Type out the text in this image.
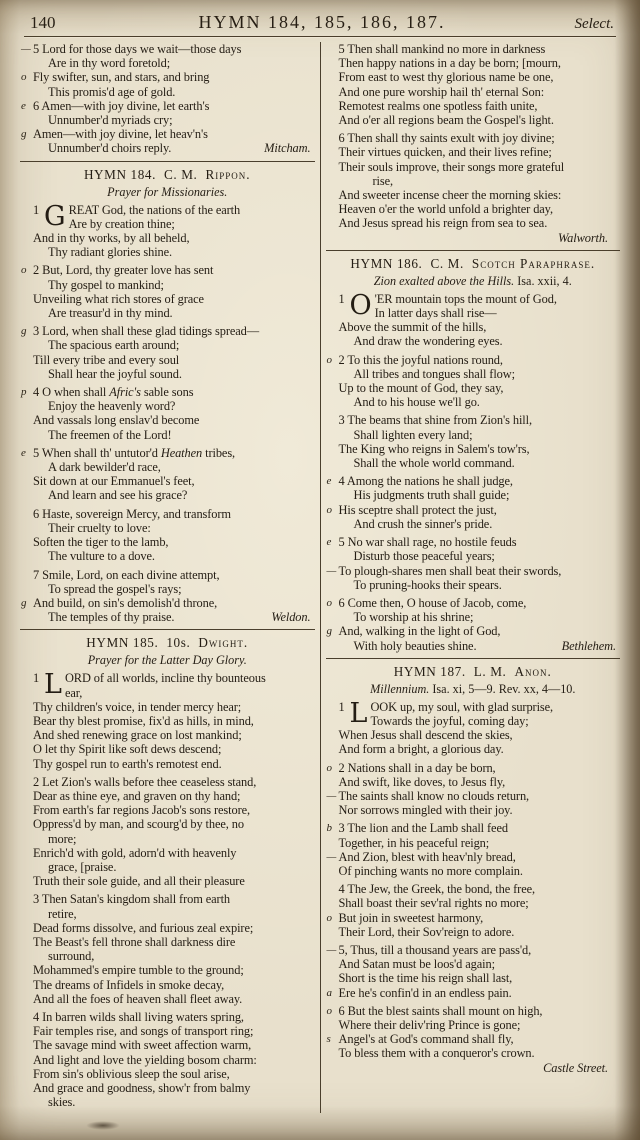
140	HYMN 184, 185, 186, 187.	Select.
— 5 Lord for those days we wait—those days
Are in thy word foretold;
o Fly swifter, sun, and stars, and bring
This promis'd age of gold.
e 6 Amen—with joy divine, let earth's
Unnumber'd myriads cry;
g Amen—with joy divine, let heav'n's
Unnumber'd choirs reply.	Mitcham.
HYMN 184. C. M. Rippon.
Prayer for Missionaries.
1 G REAT God, the nations of the earth
Are by creation thine;
And in thy works, by all beheld,
Thy radiant glories shine.
o 2 But, Lord, thy greater love has sent
Thy gospel to mankind;
Unveiling what rich stores of grace
Are treasur'd in thy mind.
g 3 Lord, when shall these glad tidings spread—
The spacious earth around;
Till every tribe and every soul
Shall hear the joyful sound.
p 4 O when shall Afric's sable sons
Enjoy the heavenly word?
And vassals long enslav'd become
The freemen of the Lord!
e 5 When shall th' untutor'd Heathen tribes,
A dark bewilder'd race,
Sit down at our Emmanuel's feet,
And learn and see his grace?
6 Haste, sovereign Mercy, and transform
Their cruelty to love:
Soften the tiger to the lamb,
The vulture to a dove.
7 Smile, Lord, on each divine attempt,
To spread the gospel's rays;
g And build, on sin's demolish'd throne,
The temples of thy praise.	Weldon.
HYMN 185. 10s. Dwight.
Prayer for the Latter Day Glory.
1 L ORD of all worlds, incline thy bounteous
ear,
Thy children's voice, in tender mercy hear;
Bear thy blest promise, fix'd as hills, in mind,
And shed renewing grace on lost mankind;
O let thy Spirit like soft dews descend;
Thy gospel run to earth's remotest end.
2 Let Zion's walls before thee ceaseless stand,
Dear as thine eye, and graven on thy hand;
From earth's far regions Jacob's sons restore,
Oppress'd by man, and scourg'd by thee, no
more;
Enrich'd with gold, adorn'd with heavenly
grace, [praise.
Truth their sole guide, and all their pleasure
3 Then Satan's kingdom shall from earth
retire,
Dead forms dissolve, and furious zeal expire;
The Beast's fell throne shall darkness dire
surround,
Mohammed's empire tumble to the ground;
The dreams of Infidels in smoke decay,
And all the foes of heaven shall fleet away.
4 In barren wilds shall living waters spring,
Fair temples rise, and songs of transport ring;
The savage mind with sweet affection warm,
And light and love the yielding bosom charm:
From sin's oblivious sleep the soul arise,
And grace and goodness, show'r from balmy
skies.
5 Then shall mankind no more in darkness
Then happy nations in a day be born; [mourn,
From east to west thy glorious name be one,
And one pure worship hail th' eternal Son:
Remotest realms one spotless faith unite,
And o'er all regions beam the Gospel's light.
6 Then shall thy saints exult with joy divine;
Their virtues quicken, and their lives refine;
Their souls improve, their songs more grateful
rise,
And sweeter incense cheer the morning skies:
Heaven o'er the world unfold a brighter day,
And Jesus spread his reign from sea to sea.
Walworth.
HYMN 186. C. M. Scotch Paraphrase.
Zion exalted above the Hills. Isa. xxii, 4.
1 O 'ER mountain tops the mount of God,
In latter days shall rise—
Above the summit of the hills,
And draw the wondering eyes.
o 2 To this the joyful nations round,
All tribes and tongues shall flow;
Up to the mount of God, they say,
And to his house we'll go.
3 The beams that shine from Zion's hill,
Shall lighten every land;
The King who reigns in Salem's tow'rs,
Shall the whole world command.
e 4 Among the nations he shall judge,
His judgments truth shall guide;
o His sceptre shall protect the just,
And crush the sinner's pride.
e 5 No war shall rage, no hostile feuds
Disturb those peaceful years;
— To plough-shares men shall beat their swords,
To pruning-hooks their spears.
o 6 Come then, O house of Jacob, come,
To worship at his shrine;
g And, walking in the light of God,
With holy beauties shine.	Bethlehem.
HYMN 187. L. M. Anon.
Millennium. Isa. xi, 5—9. Rev. xx, 4—10.
1 L OOK up, my soul, with glad surprise,
Towards the joyful, coming day;
When Jesus shall descend the skies,
And form a bright, a glorious day.
o 2 Nations shall in a day be born,
And swift, like doves, to Jesus fly,
— The saints shall know no clouds return,
Nor sorrows mingled with their joy.
b 3 The lion and the Lamb shall feed
Together, in his peaceful reign;
— And Zion, blest with heav'nly bread,
Of pinching wants no more complain.
4 The Jew, the Greek, the bond, the free,
Shall boast their sev'ral rights no more;
o But join in sweetest harmony,
Their Lord, their Sov'reign to adore.
— 5, Thus, till a thousand years are pass'd,
And Satan must be loos'd again;
Short is the time his reign shall last,
a Ere he's confin'd in an endless pain.
o 6 But the blest saints shall mount on high,
Where their deliv'ring Prince is gone;
s Angel's at God's command shall fly,
To bless them with a conqueror's crown.
Castle Street.
